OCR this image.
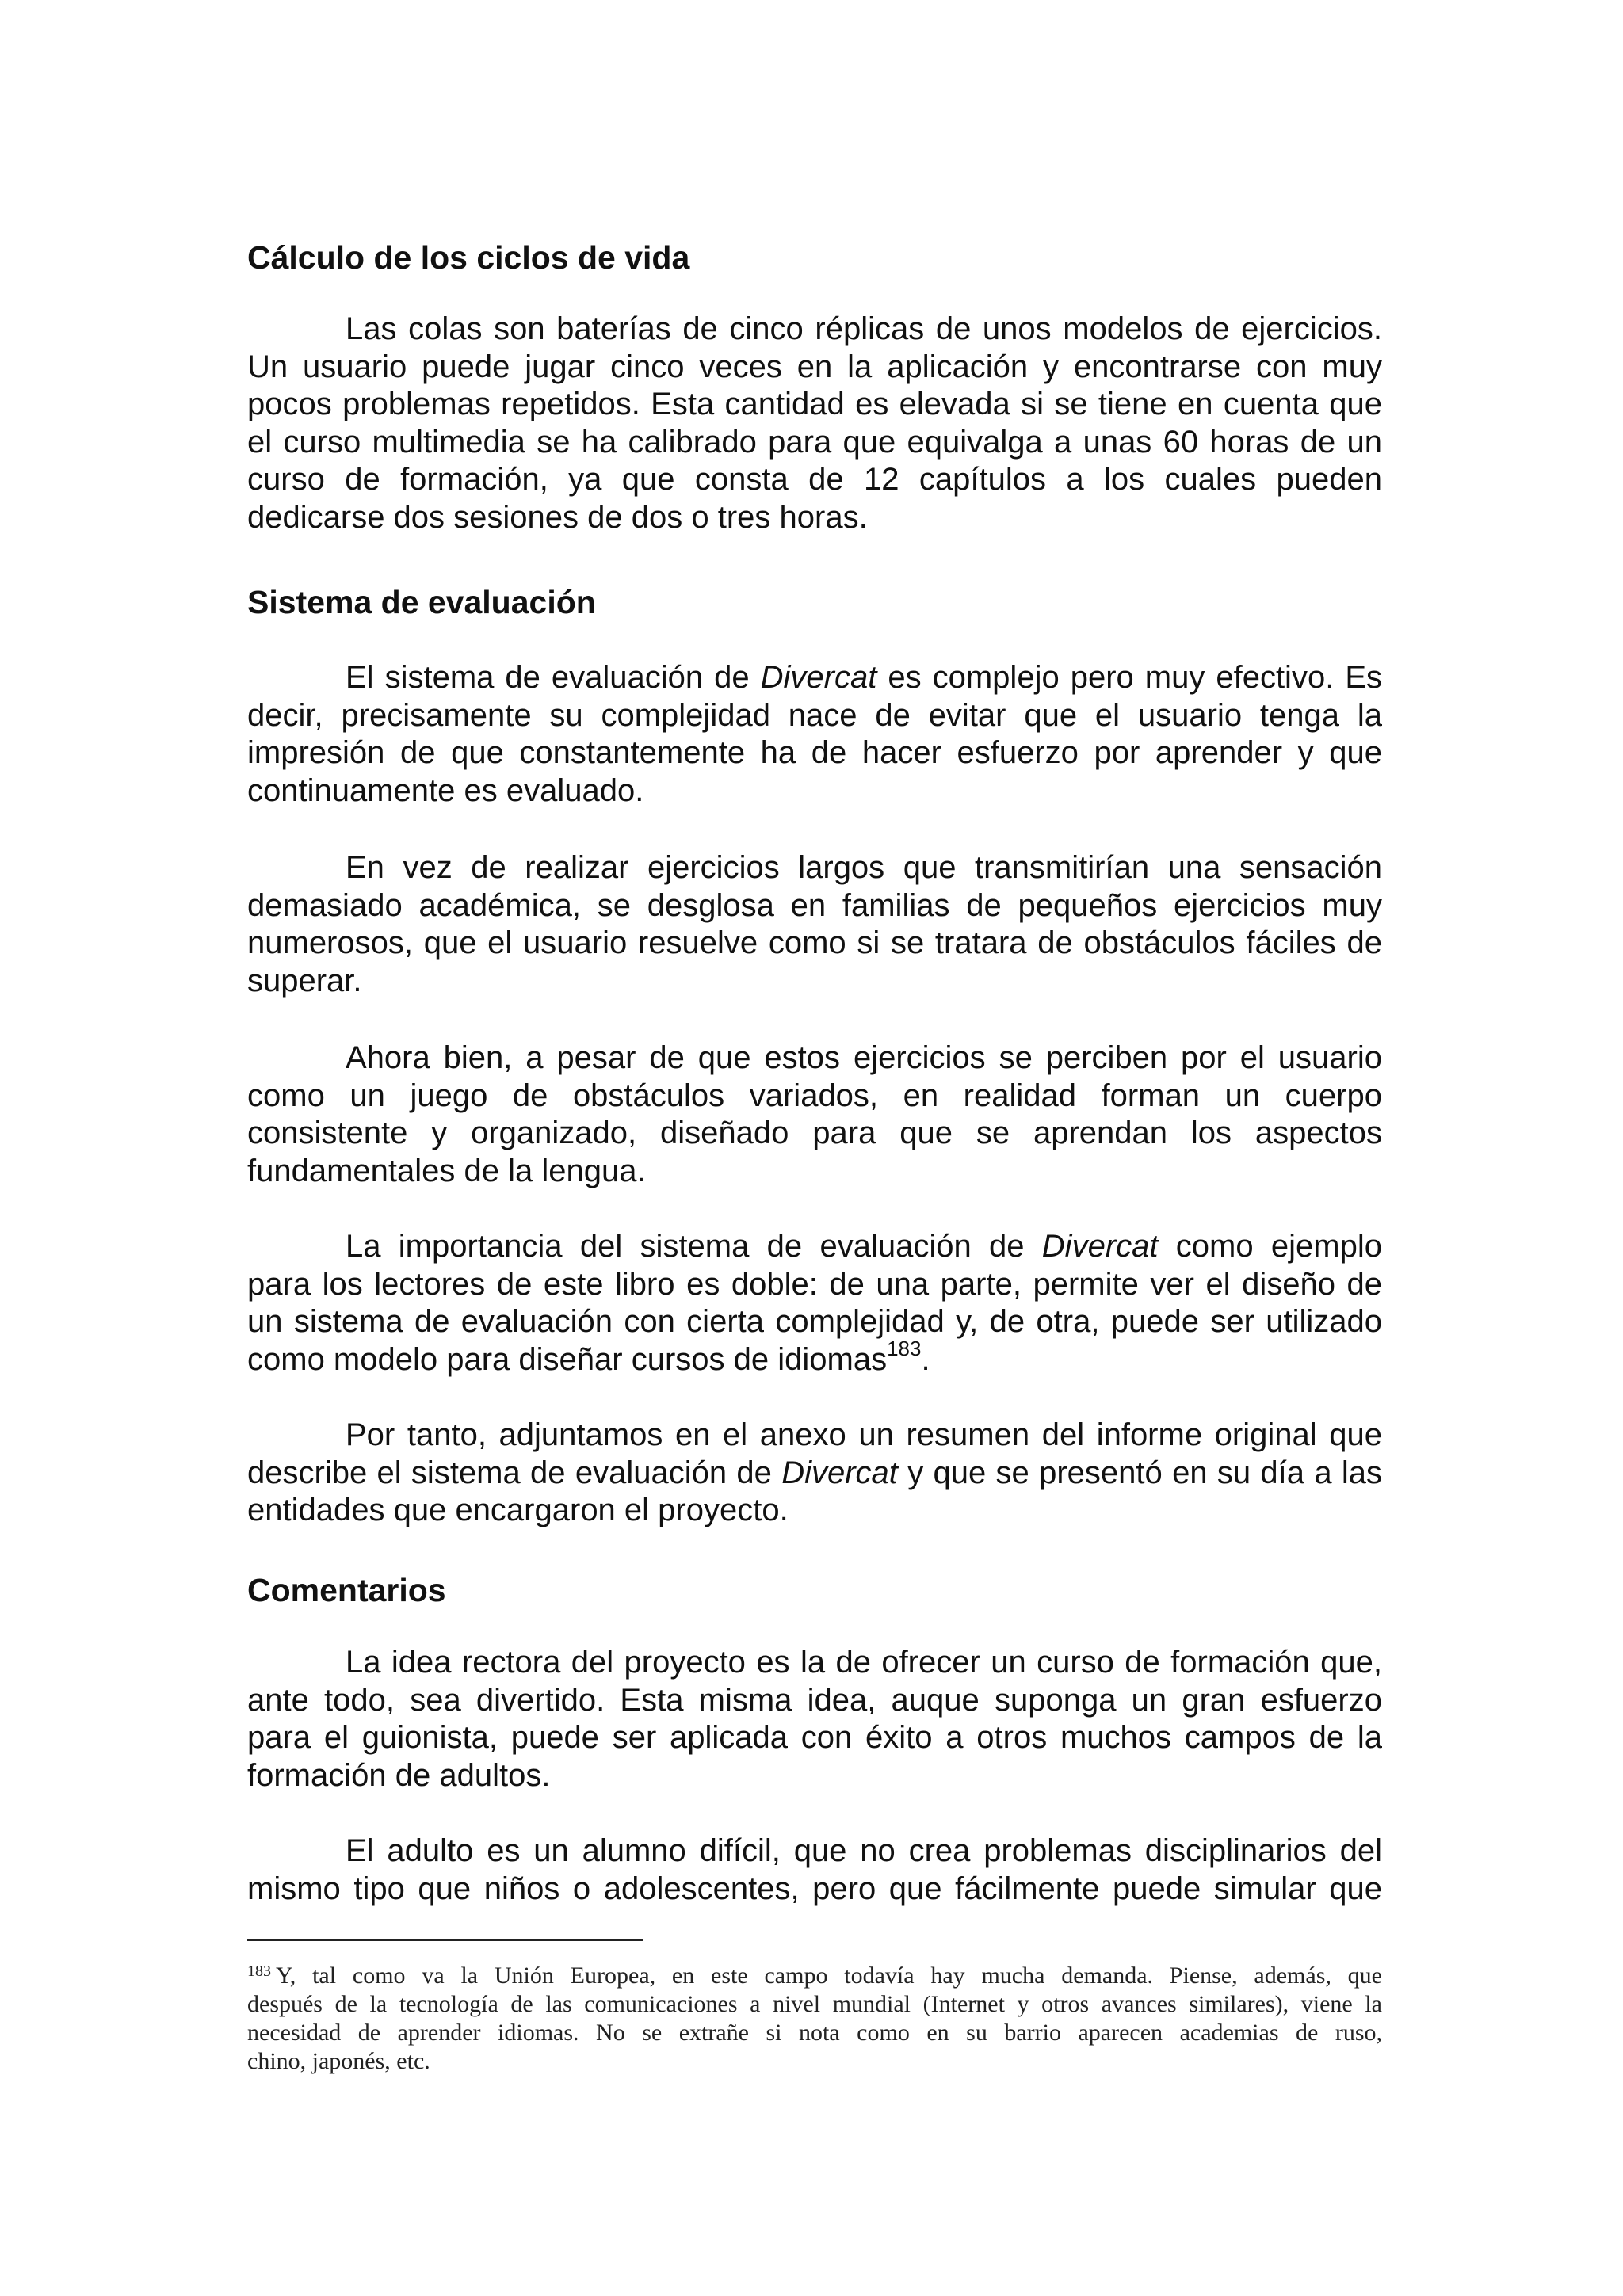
Cálculo de los ciclos de vida
Las colas son baterías de cinco réplicas de unos modelos de ejercicios.
Un usuario puede jugar cinco veces en la aplicación y encontrarse con muy
pocos problemas repetidos. Esta cantidad es elevada si se tiene en cuenta que
el curso multimedia se ha calibrado para que equivalga a unas 60 horas de un
curso de formación, ya que consta de 12 capítulos a los cuales pueden
dedicarse dos sesiones de dos o tres horas.
Sistema de evaluación
El sistema de evaluación de Divercat es complejo pero muy efectivo. Es
decir, precisamente su complejidad nace de evitar que el usuario tenga la
impresión de que constantemente ha de hacer esfuerzo por aprender y que
continuamente es evaluado.
En vez de realizar ejercicios largos que transmitirían una sensación
demasiado académica, se desglosa en familias de pequeños ejercicios muy
numerosos, que el usuario resuelve como si se tratara de obstáculos fáciles de
superar.
Ahora bien, a pesar de que estos ejercicios se perciben por el usuario
como un juego de obstáculos variados, en realidad forman un cuerpo
consistente y organizado, diseñado para que se aprendan los aspectos
fundamentales de la lengua.
La importancia del sistema de evaluación de Divercat como ejemplo
para los lectores de este libro es doble: de una parte, permite ver el diseño de
un sistema de evaluación con cierta complejidad y, de otra, puede ser utilizado
como modelo para diseñar cursos de idiomas$^{183}$.
Por tanto, adjuntamos en el anexo un resumen del informe original que
describe el sistema de evaluación de Divercat y que se presentó en su día a las
entidades que encargaron el proyecto.
Comentarios
La idea rectora del proyecto es la de ofrecer un curso de formación que,
ante todo, sea divertido. Esta misma idea, auque suponga un gran esfuerzo
para el guionista, puede ser aplicada con éxito a otros muchos campos de la
formación de adultos.
El adulto es un alumno difícil, que no crea problemas disciplinarios del
mismo tipo que niños o adolescentes, pero que fácilmente puede simular que
$^{183}$ Y, tal como va la Unión Europea, en este campo todavía hay mucha demanda. Piense, además, que
después de la tecnología de las comunicaciones a nivel mundial (Internet y otros avances similares), viene la
necesidad de aprender idiomas. No se extrañe si nota como en su barrio aparecen academias de ruso,
chino, japonés, etc.
